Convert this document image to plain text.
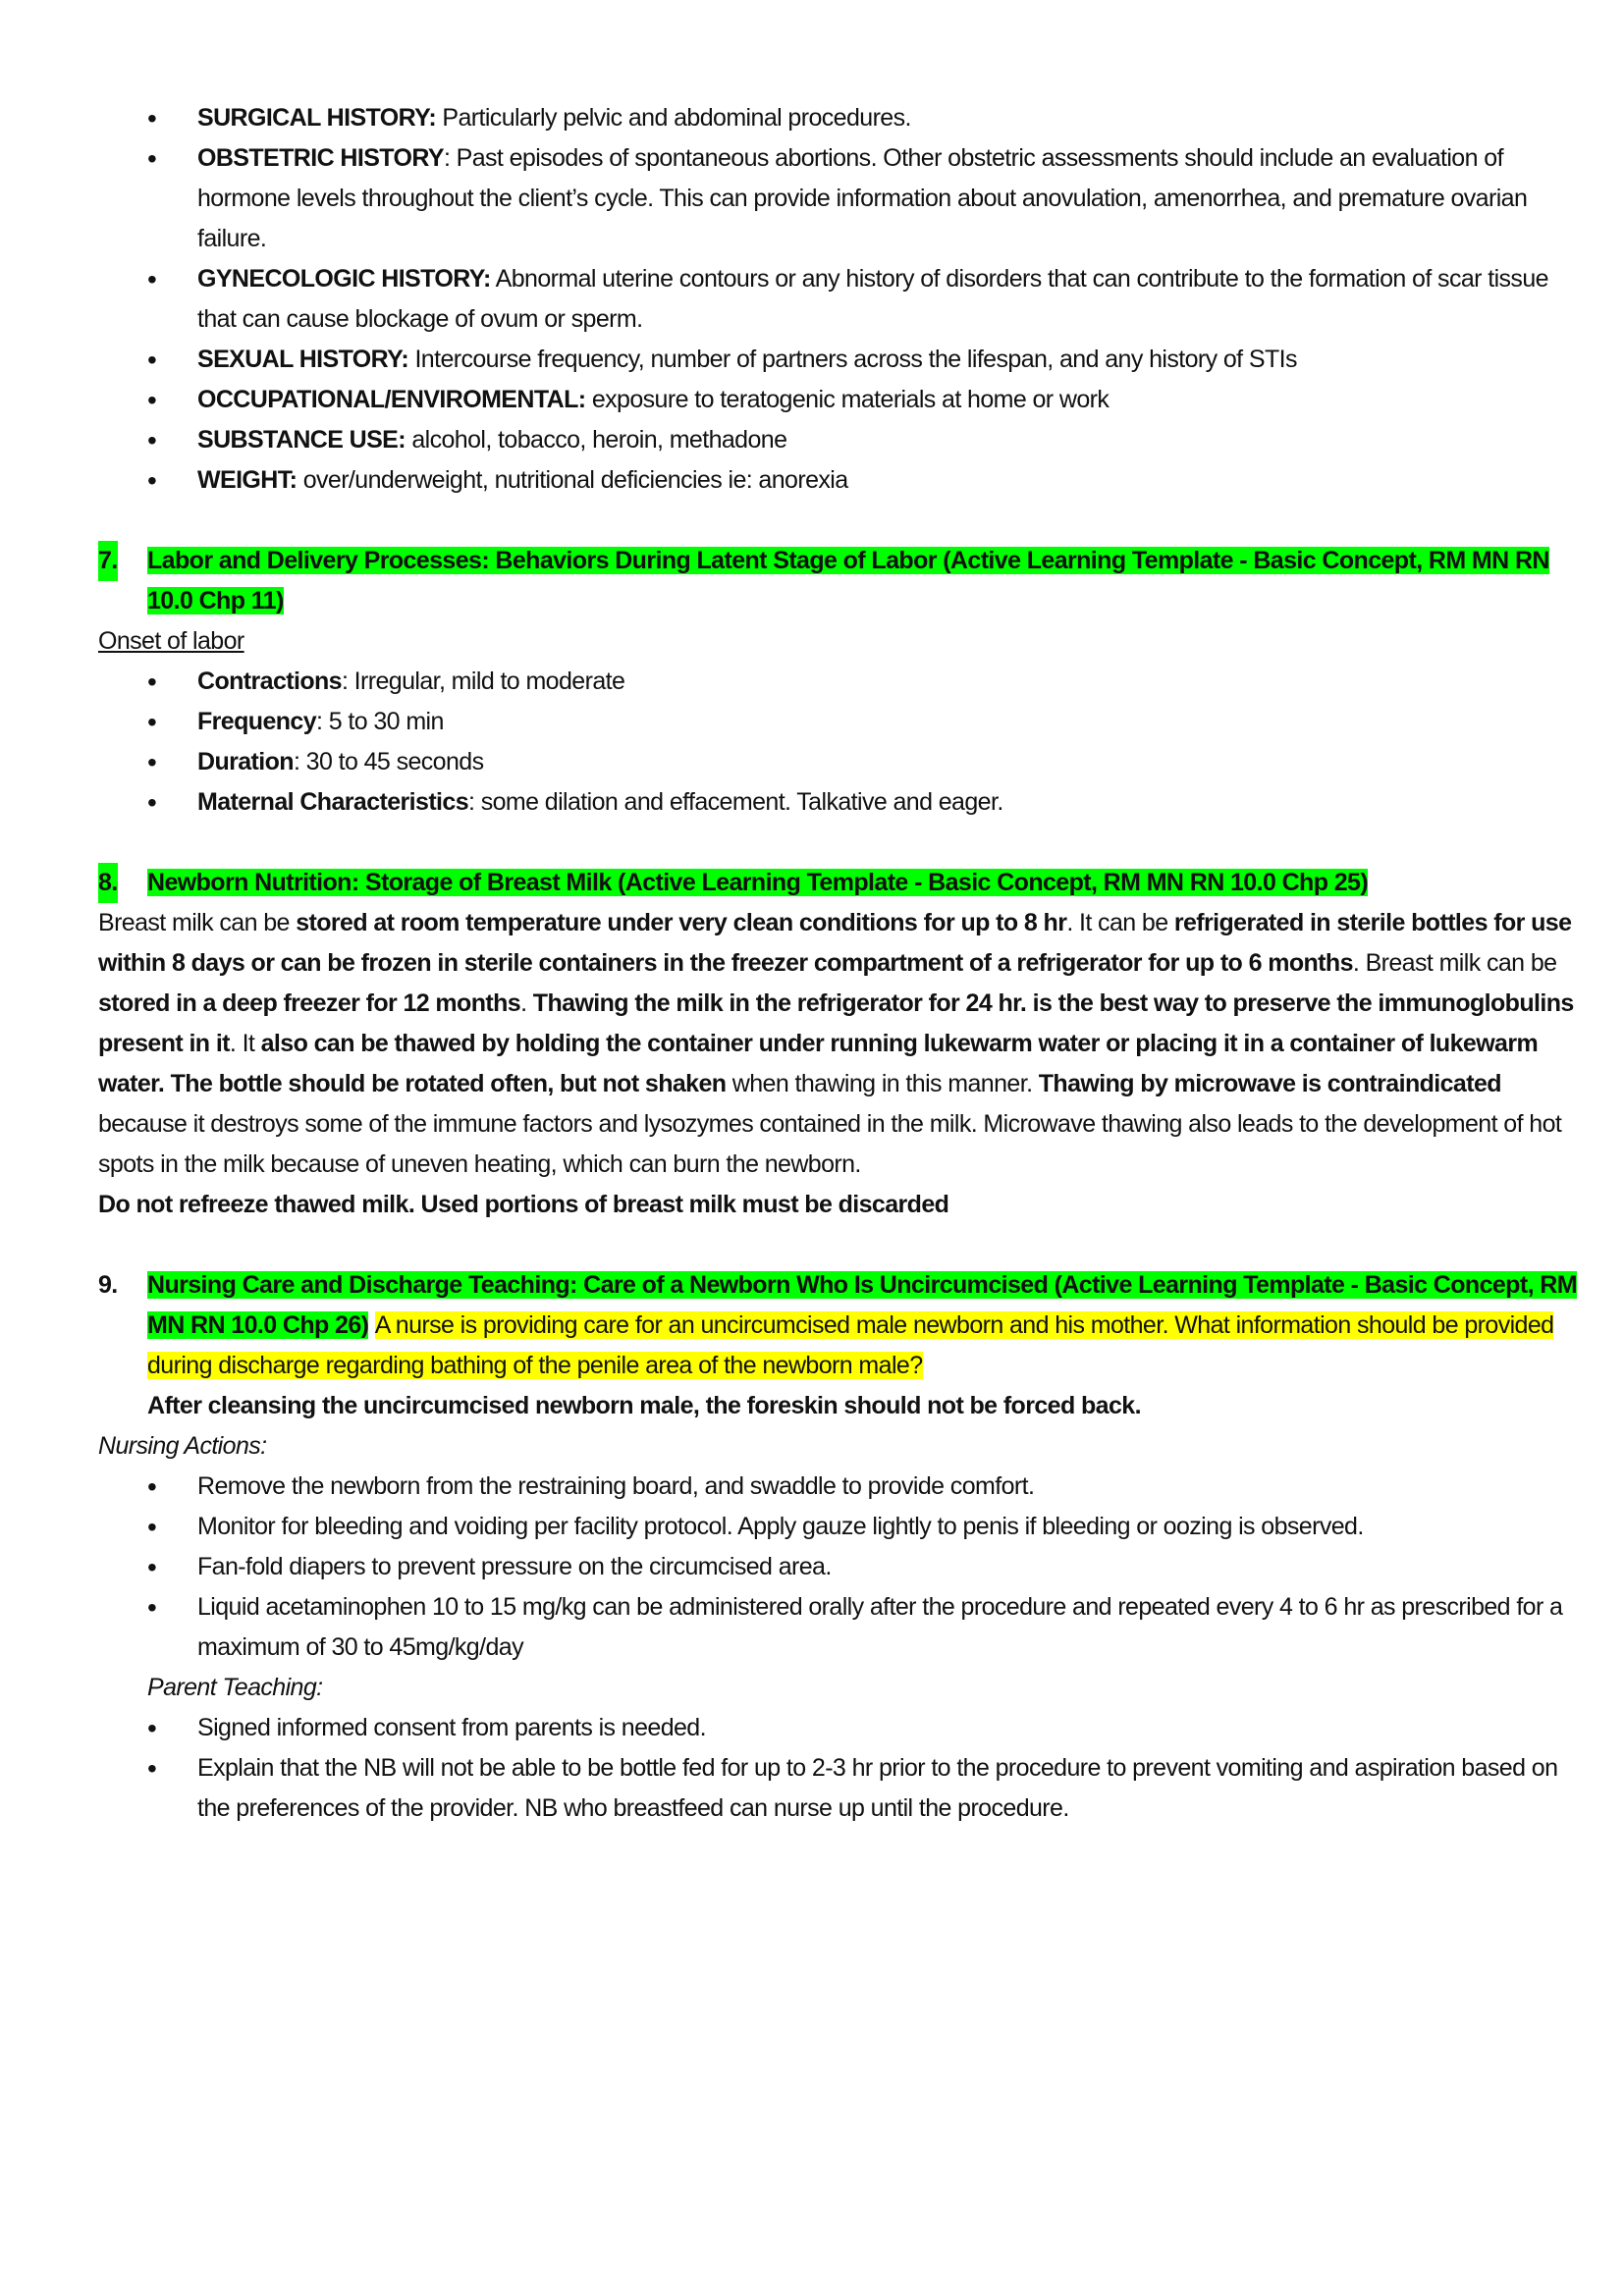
• SURGICAL HISTORY: Particularly pelvic and abdominal procedures.
• OBSTETRIC HISTORY: Past episodes of spontaneous abortions. Other obstetric assessments should include an evaluation of hormone levels throughout the client’s cycle. This can provide information about anovulation, amenorrhea, and premature ovarian failure.
• GYNECOLOGIC HISTORY: Abnormal uterine contours or any history of disorders that can contribute to the formation of scar tissue that can cause blockage of ovum or sperm.
• SEXUAL HISTORY: Intercourse frequency, number of partners across the lifespan, and any history of STIs
• OCCUPATIONAL/ENVIROMENTAL: exposure to teratogenic materials at home or work
• SUBSTANCE USE: alcohol, tobacco, heroin, methadone
• WEIGHT: over/underweight, nutritional deficiencies ie: anorexia
7. Labor and Delivery Processes: Behaviors During Latent Stage of Labor (Active Learning Template - Basic Concept, RM MN RN 10.0 Chp 11)

Onset of labor

• Contractions: Irregular, mild to moderate
• Frequency: 5 to 30 min
• Duration: 30 to 45 seconds
• Maternal Characteristics: some dilation and effacement. Talkative and eager.
8. Newborn Nutrition: Storage of Breast Milk (Active Learning Template - Basic Concept, RM MN RN 10.0 Chp 25)

Breast milk can be stored at room temperature under very clean conditions for up to 8 hr. It can be refrigerated in sterile bottles for use within 8 days or can be frozen in sterile containers in the freezer compartment of a refrigerator for up to 6 months. Breast milk can be stored in a deep freezer for 12 months. Thawing the milk in the refrigerator for 24 hr. is the best way to preserve the immunoglobulins present in it. It also can be thawed by holding the container under running lukewarm water or placing it in a container of lukewarm water. The bottle should be rotated often, but not shaken when thawing in this manner. Thawing by microwave is contraindicated because it destroys some of the immune factors and lysozymes contained in the milk. Microwave thawing also leads to the development of hot spots in the milk because of uneven heating, which can burn the newborn.

Do not refreeze thawed milk. Used portions of breast milk must be discarded

9. Nursing Care and Discharge Teaching: Care of a Newborn Who Is Uncircumcised (Active Learning Template - Basic Concept, RM MN RN 10.0 Chp 26) A nurse is providing care for an uncircumcised male newborn and his mother. What information should be provided during discharge regarding bathing of the penile area of the newborn male?

After cleansing the uncircumcised newborn male, the foreskin should not be forced back.

Nursing Actions:

• Remove the newborn from the restraining board, and swaddle to provide comfort.
• Monitor for bleeding and voiding per facility protocol. Apply gauze lightly to penis if bleeding or oozing is observed.
• Fan-fold diapers to prevent pressure on the circumcised area.
• Liquid acetaminophen 10 to 15 mg/kg can be administered orally after the procedure and repeated every 4 to 6 hr as prescribed for a maximum of 30 to 45mg/kg/day

Parent Teaching:

• Signed informed consent from parents is needed.
• Explain that the NB will not be able to be bottle fed for up to 2-3 hr prior to the procedure to prevent vomiting and aspiration based on the preferences of the provider. NB who breastfeed can nurse up until the procedure.
